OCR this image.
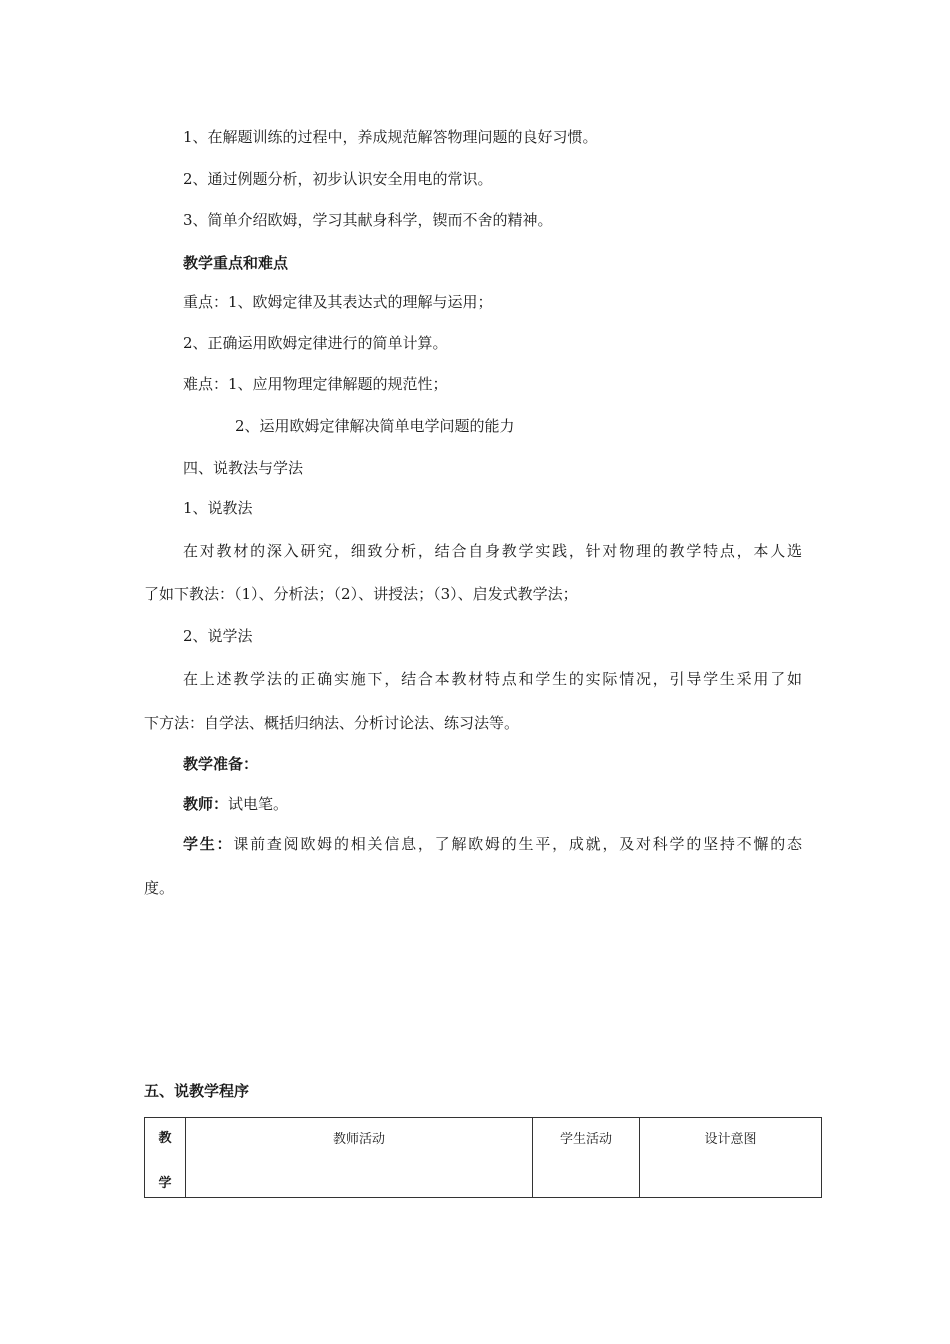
1、在解题训练的过程中，养成规范解答物理问题的良好习惯。
2、通过例题分析，初步认识安全用电的常识。
3、简单介绍欧姆，学习其献身科学，锲而不舍的精神。
教学重点和难点
重点：1、欧姆定律及其表达式的理解与运用；
2、正确运用欧姆定律进行的简单计算。
难点：1、应用物理定律解题的规范性；
2、运用欧姆定律解决简单电学问题的能力
四、说教法与学法
1、说教法
在对教材的深入研究，细致分析，结合自身教学实践，针对物理的教学特点，本人选
了如下教法：（1）、分析法；（2）、讲授法；（3）、启发式教学法；
2、说学法
在上述教学法的正确实施下，结合本教材特点和学生的实际情况，引导学生采用了如
下方法：自学法、概括归纳法、分析讨论法、练习法等。
教学准备：
教师：试电笔。
学生：课前查阅欧姆的相关信息，了解欧姆的生平，成就，及对科学的坚持不懈的态
度。
五、说教学程序
教
学
	教师活动	学生活动	设计意图
